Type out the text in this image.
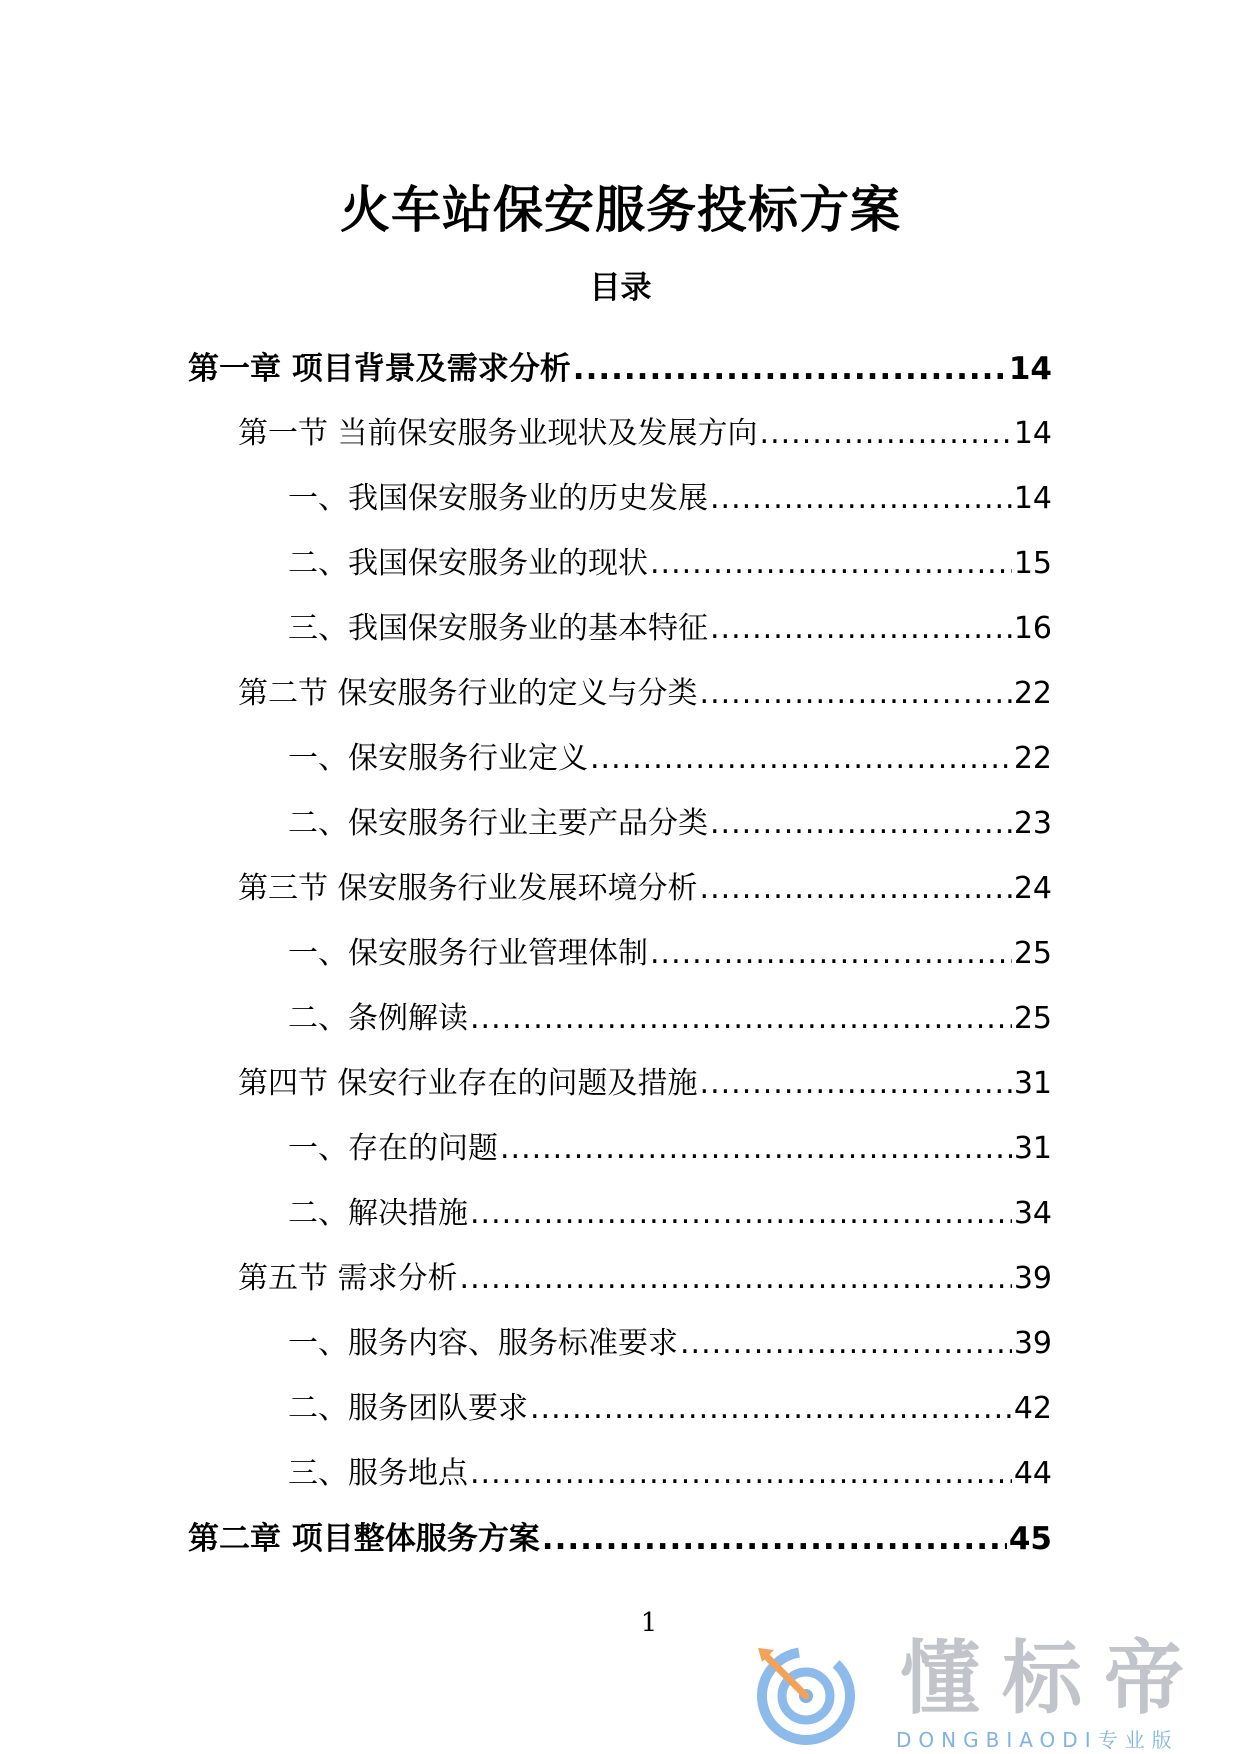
火车站保安服务投标方案
目录
第一章 项目背景及需求分析 .....	14
第一节 当前保安服务业现状及发展方向 .....	14
一、我国保安服务业的历史发展 .....	14
二、我国保安服务业的现状 .....	15
三、我国保安服务业的基本特征 .....	16
第二节 保安服务行业的定义与分类 .....	22
一、保安服务行业定义 .....	22
二、保安服务行业主要产品分类 .....	23
第三节 保安服务行业发展环境分析 .....	24
一、保安服务行业管理体制 .....	25
二、条例解读 .....	25
第四节 保安行业存在的问题及措施 .....	31
一、存在的问题 .....	31
二、解决措施 .....	34
第五节 需求分析 .....	39
一、服务内容、服务标准要求 .....	39
二、服务团队要求 .....	42
三、服务地点 .....	44
第二章 项目整体服务方案 .....	45
1
懂标帝
DONGBIAODI专业版
